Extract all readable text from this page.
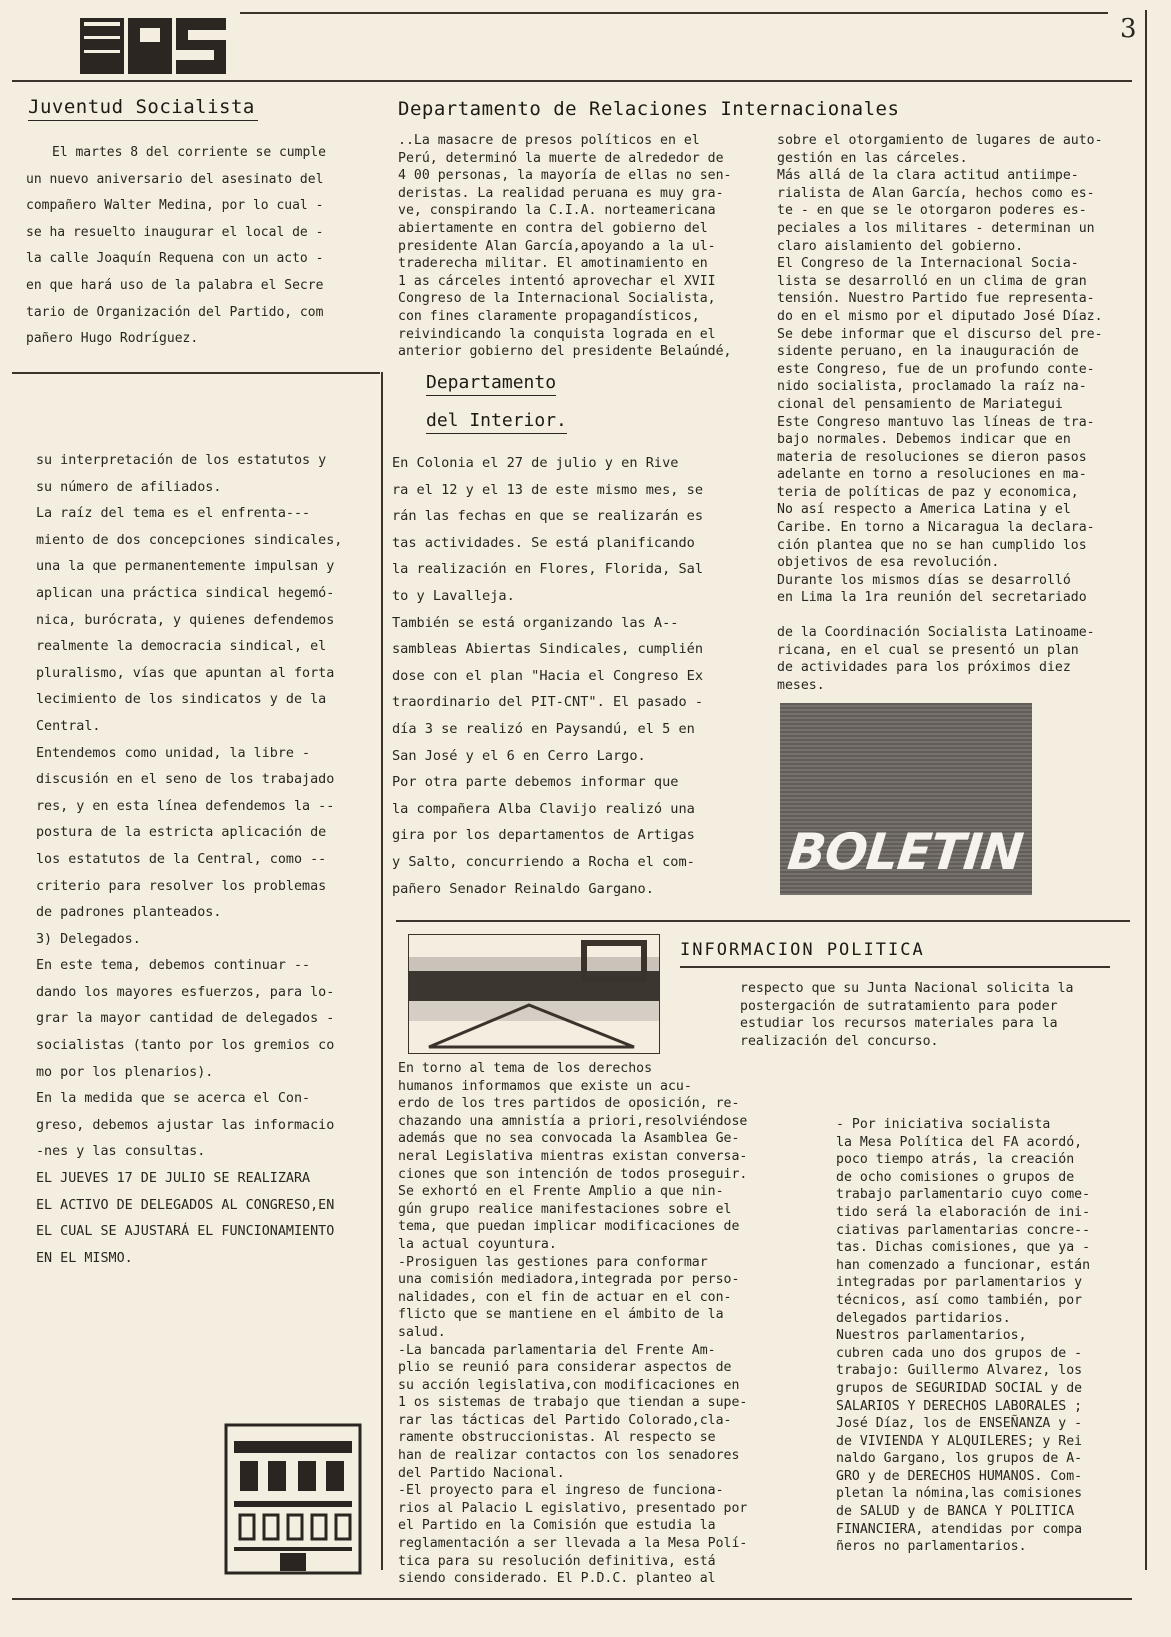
3
Juventud Socialista

El martes 8 del corriente se cumple

un nuevo aniversario del asesinato del

compañero Walter Medina, por lo cual -

se ha resuelto inaugurar el local de -

la calle Joaquín Requena con un acto -

en que hará uso de la palabra el Secre

tario de Organización del Partido, com

pañero Hugo Rodríguez.

Departamento de Relaciones Internacionales
..La masacre de presos políticos en el
Perú, determinó la muerte de alrededor de
4 00 personas, la mayoría de ellas no sen-
deristas. La realidad peruana es muy gra-
ve, conspirando la C.I.A. norteamericana
abiertamente en contra del gobierno del
presidente Alan García,apoyando a la ul-
traderecha militar. El amotinamiento en
1 as cárceles intentó aprovechar el XVII
Congreso de la Internacional Socialista,
con fines claramente propagandísticos,
reivindicando la conquista lograda en el
anterior gobierno del presidente Belaúndé,
sobre el otorgamiento de lugares de auto-
gestión en las cárceles.
Más allá de la clara actitud antiimpe-
rialista de Alan García, hechos como es-
te - en que se le otorgaron poderes es-
peciales a los militares - determinan un
claro aislamiento del gobierno.
El Congreso de la Internacional Socia-
lista se desarrolló en un clima de gran
tensión. Nuestro Partido fue representa-
do en el mismo por el diputado José Díaz.
Se debe informar que el discurso del pre-
sidente peruano, en la inauguración de
este Congreso, fue de un profundo conte-
nido socialista, proclamado la raíz na-
cional del pensamiento de Mariategui
Este Congreso mantuvo las líneas de tra-
bajo normales. Debemos indicar que en
materia de resoluciones se dieron pasos
adelante en torno a resoluciones en ma-
teria de políticas de paz y economica,
No así respecto a America Latina y el
Caribe. En torno a Nicaragua la declara-
ción plantea que no se han cumplido los
objetivos de esa revolución.
Durante los mismos días se desarrolló
en Lima la 1ra reunión del secretariado
de la Coordinación Socialista Latinoame-
ricana, en el cual se presentó un plan
de actividades para los próximos diez
meses.
su interpretación de los estatutos y
su número de afiliados.
La raíz del tema es el enfrenta---
miento de dos concepciones sindicales,
una la que permanentemente impulsan y
aplican una práctica sindical hegemó-
nica, burócrata, y quienes defendemos
realmente la democracia sindical, el
pluralismo, vías que apuntan al forta
lecimiento de los sindicatos y de la
Central.
Entendemos como unidad, la libre -
discusión en el seno de los trabajado
res, y en esta línea defendemos la --
postura de la estricta aplicación de
los estatutos de la Central, como --
criterio para resolver los problemas
de padrones planteados.
3) Delegados.
En este tema, debemos continuar --
dando los mayores esfuerzos, para lo-
grar la mayor cantidad de delegados -
socialistas (tanto por los gremios co
mo por los plenarios).
En la medida que se acerca el Con-
greso, debemos ajustar las informacio
-nes y las consultas.
EL JUEVES 17 DE JULIO SE REALIZARA
EL ACTIVO DE DELEGADOS AL CONGRESO,EN
EL CUAL SE AJUSTARÁ EL FUNCIONAMIENTO
EN EL MISMO.
Departamento
del Interior.
En Colonia el 27 de julio y en Rive
ra el 12 y el 13 de este mismo mes, se
rán las fechas en que se realizarán es
tas actividades. Se está planificando
la realización en Flores, Florida, Sal
to y Lavalleja.
También se está organizando las A--
sambleas Abiertas Sindicales, cumplién
dose con el plan "Hacia el Congreso Ex
traordinario del PIT-CNT". El pasado -
día 3 se realizó en Paysandú, el 5 en
San José y el 6 en Cerro Largo.
Por otra parte debemos informar que
la compañera Alba Clavijo realizó una
gira por los departamentos de Artigas
y Salto, concurriendo a Rocha el com-
pañero Senador Reinaldo Gargano.
BOLETIN
INFORMACION POLITICA
respecto que su Junta Nacional solicita la
postergación de sutratamiento para poder
estudiar los recursos materiales para la
realización del concurso.
En torno al tema de los derechos
humanos informamos que existe un acu-
erdo de los tres partidos de oposición, re-
chazando una amnistía a priori,resolviéndose
además que no sea convocada la Asamblea Ge-
neral Legislativa mientras existan conversa-
ciones que son intención de todos proseguir.
Se exhortó en el Frente Amplio a que nin-
gún grupo realice manifestaciones sobre el
tema, que puedan implicar modificaciones de
la actual coyuntura.
-Prosiguen las gestiones para conformar
una comisión mediadora,integrada por perso-
nalidades, con el fin de actuar en el con-
flicto que se mantiene en el ámbito de la
salud.
-La bancada parlamentaria del Frente Am-
plio se reunió para considerar aspectos de
su acción legislativa,con modificaciones en
1 os sistemas de trabajo que tiendan a supe-
rar las tácticas del Partido Colorado,cla-
ramente obstruccionistas. Al respecto se
han de realizar contactos con los senadores
del Partido Nacional.
-El proyecto para el ingreso de funciona-
rios al Palacio L egislativo, presentado por
el Partido en la Comisión que estudia la
reglamentación a ser llevada a la Mesa Polí-
tica para su resolución definitiva, está
siendo considerado. El P.D.C. planteo al
- Por iniciativa socialista
la Mesa Política del FA acordó,
poco tiempo atrás, la creación
de ocho comisiones o grupos de
trabajo parlamentario cuyo come-
tido será la elaboración de ini-
ciativas parlamentarias concre--
tas. Dichas comisiones, que ya -
han comenzado a funcionar, están
integradas por parlamentarios y
técnicos, así como también, por
delegados partidarios.
Nuestros parlamentarios,
cubren cada uno dos grupos de -
trabajo: Guillermo Alvarez, los
grupos de SEGURIDAD SOCIAL y de
SALARIOS Y DERECHOS LABORALES ;
José Díaz, los de ENSEÑANZA y -
de VIVIENDA Y ALQUILERES; y Rei
naldo Gargano, los grupos de A-
GRO y de DERECHOS HUMANOS. Com-
pletan la nómina,las comisiones
de SALUD y de BANCA Y POLITICA
FINANCIERA, atendidas por compa
ñeros no parlamentarios.
